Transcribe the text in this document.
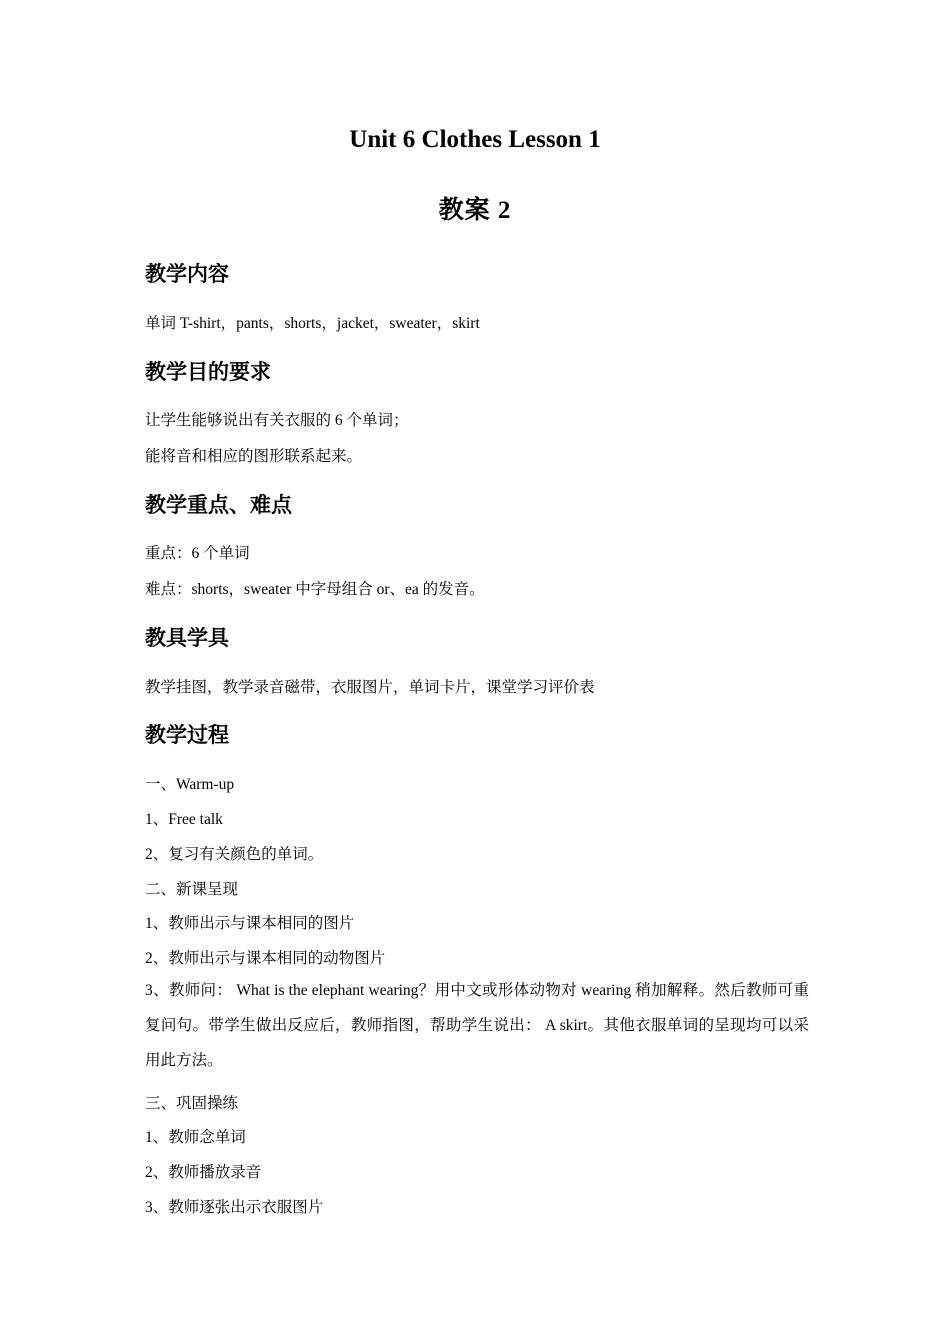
Unit 6 Clothes Lesson 1
教案 2
教学内容

单词 T-shirt，pants，shorts，jacket，sweater，skirt

教学目的要求

让学生能够说出有关衣服的 6 个单词；

能将音和相应的图形联系起来。

教学重点、难点

重点：6 个单词

难点：shorts，sweater 中字母组合 or、ea 的发音。

教具学具

教学挂图，教学录音磁带，衣服图片，单词卡片，课堂学习评价表

教学过程

一、Warm-up

1、Free talk

2、复习有关颜色的单词。

二、新课呈现

1、教师出示与课本相同的图片

2、教师出示与课本相同的动物图片

3、教师问： What is the elephant wearing？用中文或形体动物对 wearing 稍加解释。然后教师可重复问句。带学生做出反应后，教师指图，帮助学生说出： A skirt。其他衣服单词的呈现均可以采用此方法。

三、巩固操练

1、教师念单词

2、教师播放录音

3、教师逐张出示衣服图片
